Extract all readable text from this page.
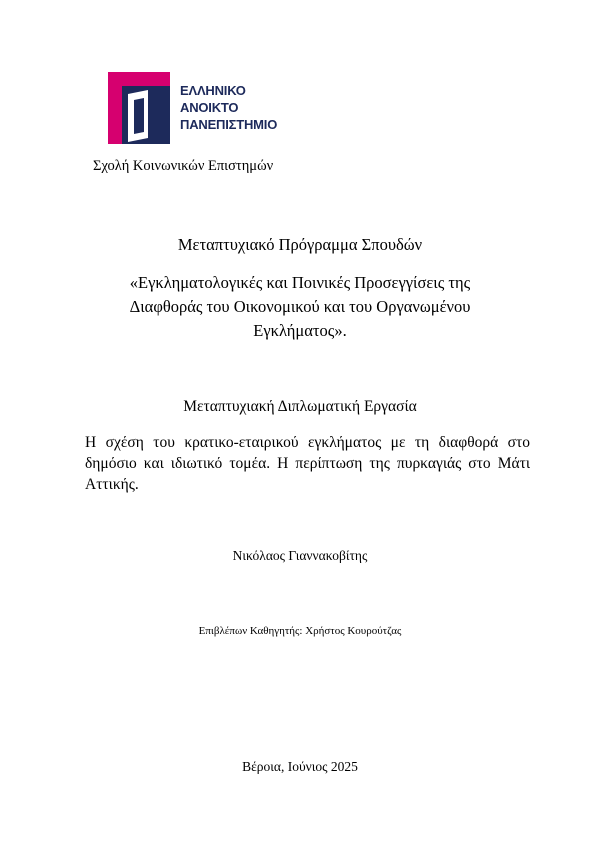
ΕΛΛΗΝΙΚΟ
ΑΝΟΙΚΤΟ
ΠΑΝΕΠΙΣΤΗΜΙΟ
Σχολή Κοινωνικών Επιστημών
Μεταπτυχιακό Πρόγραμμα Σπουδών
«Εγκληματολογικές και Ποινικές Προσεγγίσεις της Διαφθοράς του Οικονομικού και του Οργανωμένου Εγκλήματος».
Μεταπτυχιακή Διπλωματική Εργασία
Η σχέση του κρατικο-εταιρικού εγκλήματος με τη διαφθορά στο δημόσιο και ιδιωτικό τομέα. Η περίπτωση της πυρκαγιάς στο Μάτι Αττικής.
Νικόλαος Γιαννακοβίτης
Επιβλέπων Καθηγητής: Χρήστος Κουρούτζας
Βέροια, Ιούνιος 2025
